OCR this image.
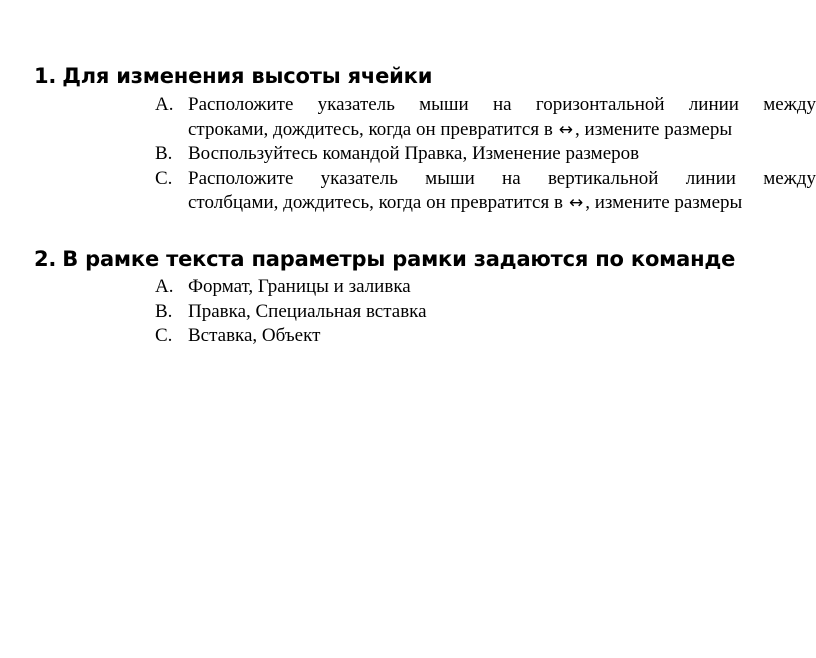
1. Для изменения высоты ячейки
A. Расположите указатель мыши на горизонтальной линии между
строками, дождитесь, когда он превратится в ↔ , измените размеры
B. Воспользуйтесь командой Правка, Изменение размеров
C. Расположите указатель мыши на вертикальной линии между
столбцами, дождитесь, когда он превратится в ↔ , измените размеры
2. В рамке текста параметры рамки задаются по команде
A. Формат, Границы и заливка
B. Правка, Специальная вставка
C. Вставка, Объект
